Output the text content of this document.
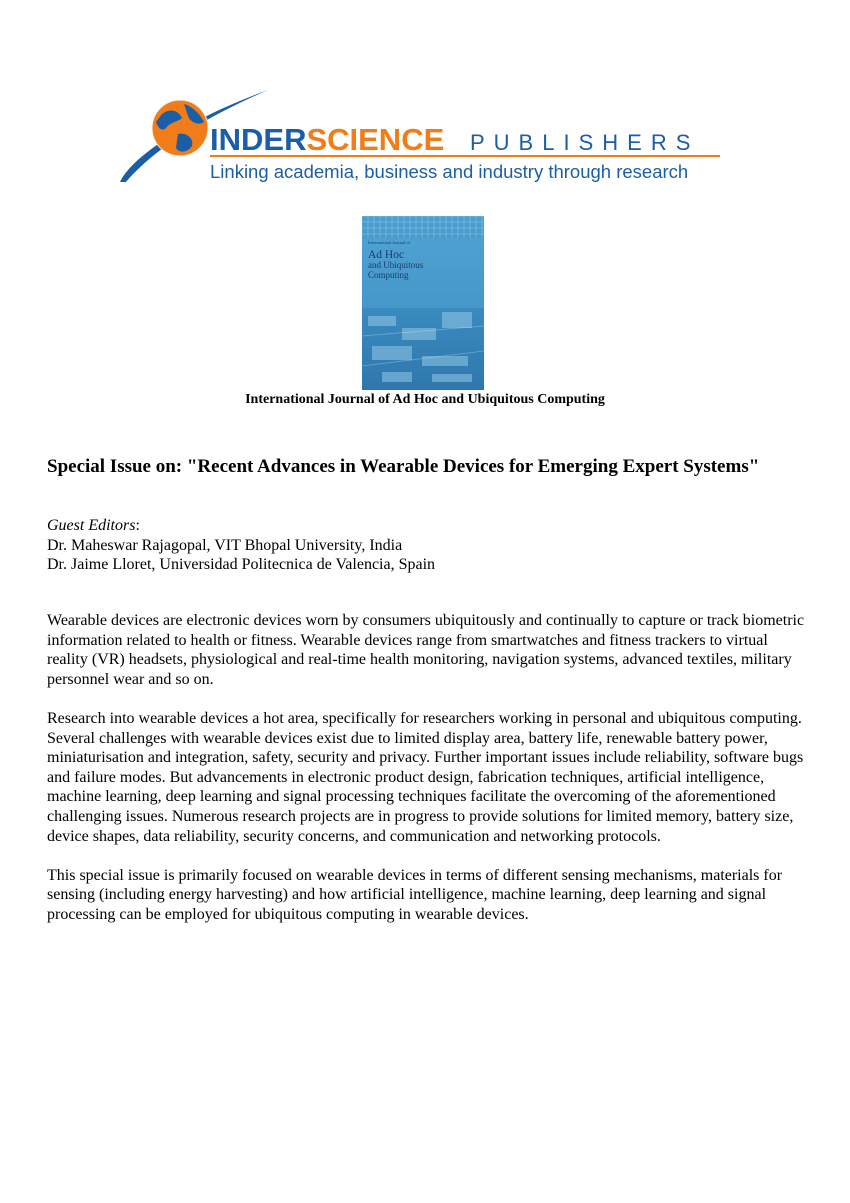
INDERSCIENCE PUBLISHERS
Linking academia, business and industry through research
International Journal of
Ad Hoc
and Ubiquitous
Computing
International Journal of Ad Hoc and Ubiquitous Computing
Special Issue on: "Recent Advances in Wearable Devices for Emerging Expert Systems"
Guest Editors:
Dr. Maheswar Rajagopal, VIT Bhopal University, India
Dr. Jaime Lloret, Universidad Politecnica de Valencia, Spain

Wearable devices are electronic devices worn by consumers ubiquitously and continually to capture or track biometric information related to health or fitness. Wearable devices range from smartwatches and fitness trackers to virtual reality (VR) headsets, physiological and real-time health monitoring, navigation systems, advanced textiles, military personnel wear and so on.

Research into wearable devices a hot area, specifically for researchers working in personal and ubiquitous computing. Several challenges with wearable devices exist due to limited display area, battery life, renewable battery power, miniaturisation and integration, safety, security and privacy. Further important issues include reliability, software bugs and failure modes. But advancements in electronic product design, fabrication techniques, artificial intelligence, machine learning, deep learning and signal processing techniques facilitate the overcoming of the aforementioned challenging issues. Numerous research projects are in progress to provide solutions for limited memory, battery size, device shapes, data reliability, security concerns, and communication and networking protocols.

This special issue is primarily focused on wearable devices in terms of different sensing mechanisms, materials for sensing (including energy harvesting) and how artificial intelligence, machine learning, deep learning and signal processing can be employed for ubiquitous computing in wearable devices.
